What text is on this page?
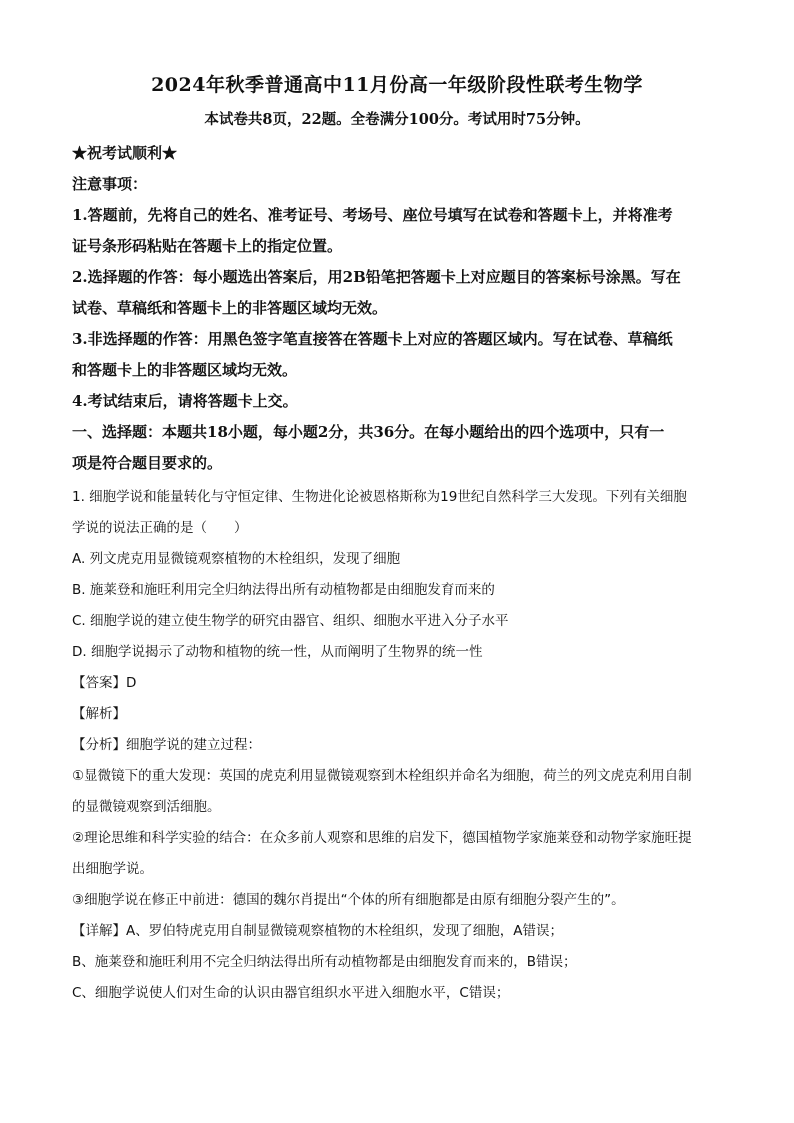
2024年秋季普通高中11月份高一年级阶段性联考生物学
本试卷共8页，22题。全卷满分100分。考试用时75分钟。
★祝考试顺利★
注意事项：
1.答题前，先将自己的姓名、准考证号、考场号、座位号填写在试卷和答题卡上，并将准考
证号条形码粘贴在答题卡上的指定位置。
2.选择题的作答：每小题选出答案后，用2B铅笔把答题卡上对应题目的答案标号涂黑。写在
试卷、草稿纸和答题卡上的非答题区域均无效。
3.非选择题的作答：用黑色签字笔直接答在答题卡上对应的答题区域内。写在试卷、草稿纸
和答题卡上的非答题区域均无效。
4.考试结束后，请将答题卡上交。
一、选择题：本题共18小题，每小题2分，共36分。在每小题给出的四个选项中，只有一
项是符合题目要求的。
1. 细胞学说和能量转化与守恒定律、生物进化论被恩格斯称为19世纪自然科学三大发现。下列有关细胞
学说的说法正确的是（　　）
A. 列文虎克用显微镜观察植物的木栓组织，发现了细胞
B. 施莱登和施旺利用完全归纳法得出所有动植物都是由细胞发育而来的
C. 细胞学说的建立使生物学的研究由器官、组织、细胞水平进入分子水平
D. 细胞学说揭示了动物和植物的统一性，从而阐明了生物界的统一性
【答案】D
【解析】
【分析】细胞学说的建立过程：
①显微镜下的重大发现：英国的虎克利用显微镜观察到木栓组织并命名为细胞，荷兰的列文虎克利用自制
的显微镜观察到活细胞。
②理论思维和科学实验的结合：在众多前人观察和思维的启发下，德国植物学家施莱登和动物学家施旺提
出细胞学说。
③细胞学说在修正中前进：德国的魏尔肖提出“个体的所有细胞都是由原有细胞分裂产生的”。
【详解】A、罗伯特虎克用自制显微镜观察植物的木栓组织，发现了细胞，A错误；
B、施莱登和施旺利用不完全归纳法得出所有动植物都是由细胞发育而来的，B错误；
C、细胞学说使人们对生命的认识由器官组织水平进入细胞水平，C错误；
